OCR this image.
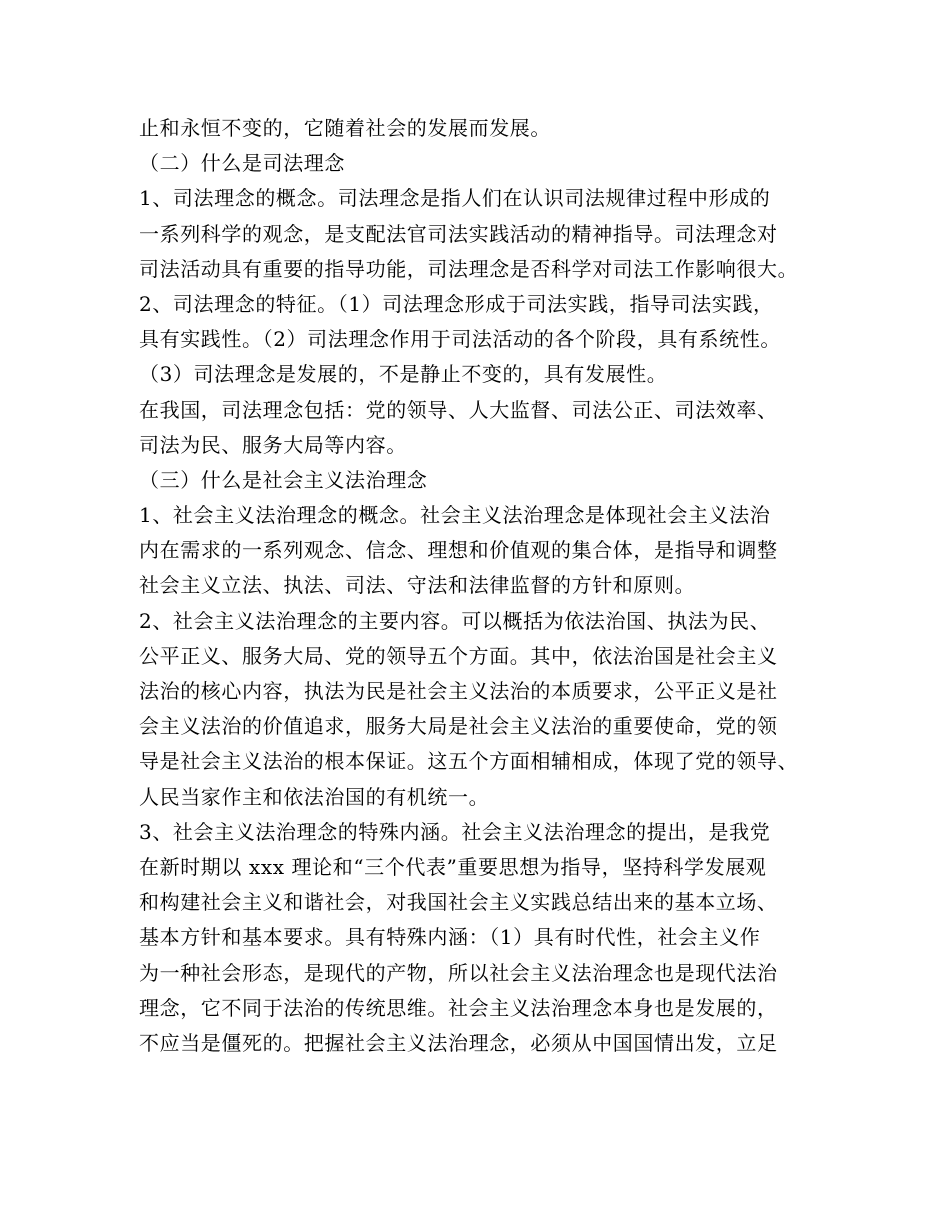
止和永恒不变的，它随着社会的发展而发展。
（二）什么是司法理念
1、司法理念的概念。司法理念是指人们在认识司法规律过程中形成的
一系列科学的观念，是支配法官司法实践活动的精神指导。司法理念对
司法活动具有重要的指导功能，司法理念是否科学对司法工作影响很大。
2、司法理念的特征。（1）司法理念形成于司法实践，指导司法实践，
具有实践性。（2）司法理念作用于司法活动的各个阶段，具有系统性。
（3）司法理念是发展的，不是静止不变的，具有发展性。
在我国，司法理念包括：党的领导、人大监督、司法公正、司法效率、
司法为民、服务大局等内容。
（三）什么是社会主义法治理念
1、社会主义法治理念的概念。社会主义法治理念是体现社会主义法治
内在需求的一系列观念、信念、理想和价值观的集合体，是指导和调整
社会主义立法、执法、司法、守法和法律监督的方针和原则。
2、社会主义法治理念的主要内容。可以概括为依法治国、执法为民、
公平正义、服务大局、党的领导五个方面。其中，依法治国是社会主义
法治的核心内容，执法为民是社会主义法治的本质要求，公平正义是社
会主义法治的价值追求，服务大局是社会主义法治的重要使命，党的领
导是社会主义法治的根本保证。这五个方面相辅相成，体现了党的领导、
人民当家作主和依法治国的有机统一。
3、社会主义法治理念的特殊内涵。社会主义法治理念的提出，是我党
在新时期以 xxx 理论和“三个代表”重要思想为指导，坚持科学发展观
和构建社会主义和谐社会，对我国社会主义实践总结出来的基本立场、
基本方针和基本要求。具有特殊内涵：（1）具有时代性，社会主义作
为一种社会形态，是现代的产物，所以社会主义法治理念也是现代法治
理念，它不同于法治的传统思维。社会主义法治理念本身也是发展的，
不应当是僵死的。把握社会主义法治理念，必须从中国国情出发，立足
